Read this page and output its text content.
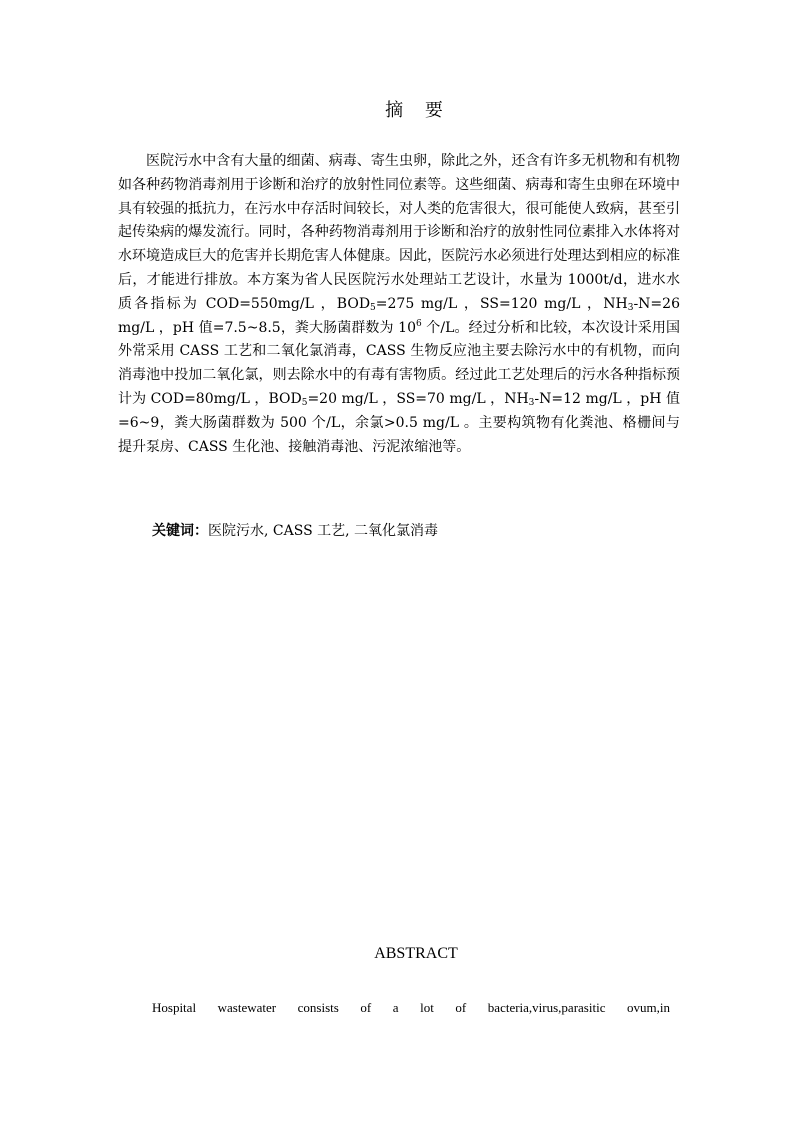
摘 要

医院污水中含有大量的细菌、病毒、寄生虫卵，除此之外，还含有许多无机物和有机物如各种药物消毒剂用于诊断和治疗的放射性同位素等。这些细菌、病毒和寄生虫卵在环境中具有较强的抵抗力，在污水中存活时间较长，对人类的危害很大，很可能使人致病，甚至引起传染病的爆发流行。同时，各种药物消毒剂用于诊断和治疗的放射性同位素排入水体将对水环境造成巨大的危害并长期危害人体健康。因此，医院污水必须进行处理达到相应的标准后，才能进行排放。本方案为省人民医院污水处理站工艺设计，水量为 1000t/d，进水水质各指标为 COD=550mg/L ，$BOD_5=275$ mg/L ，SS=120 mg/L ，$NH_3-N=26$ mg/L ，pH 值=7.5~8.5，粪大肠菌群数为 $10^6$ 个/L。经过分析和比较，本次设计采用国外常采用 CASS 工艺和二氧化氯消毒，CASS 生物反应池主要去除污水中的有机物，而向消毒池中投加二氧化氯，则去除水中的有毒有害物质。经过此工艺处理后的污水各种指标预计为 COD=80mg/L ，$BOD_5=20$ mg/L ，SS=70 mg/L ，$NH_3-N=12$ mg/L ，pH 值=6~9，粪大肠菌群数为 500 个/L，余氯>0.5 mg/L 。主要构筑物有化粪池、格栅间与提升泵房、CASS 生化池、接触消毒池、污泥浓缩池等。

关键词：医院污水, CASS 工艺, 二氧化氯消毒
ABSTRACT
Hospital wastewater consists of a lot of bacteria,virus,parasitic ovum,in
